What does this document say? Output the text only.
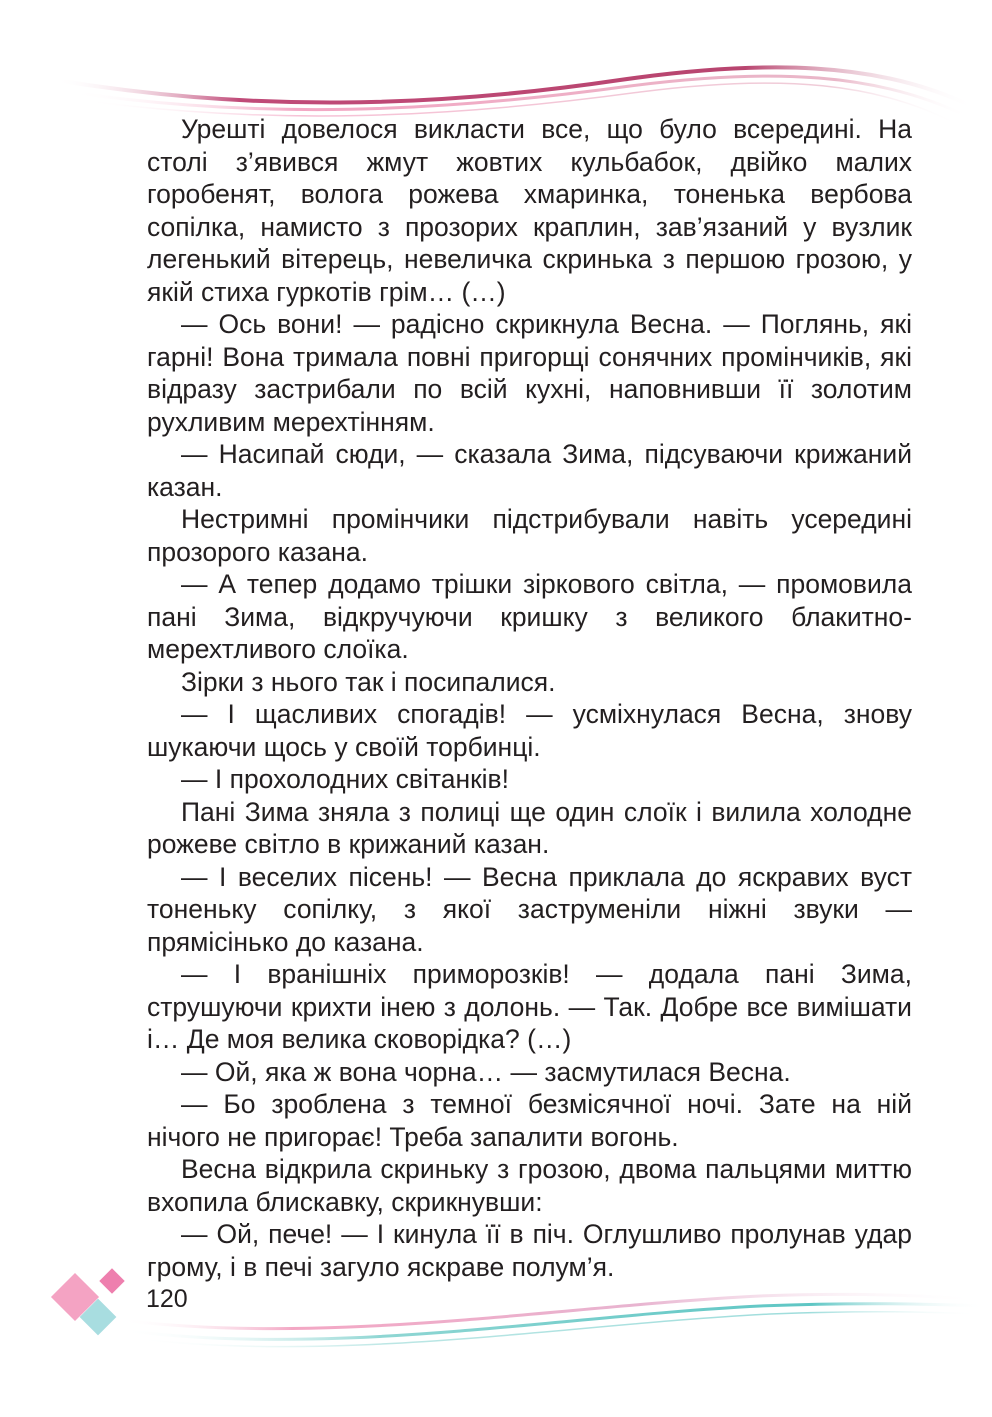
Урешті довелося викласти все, що було всередині. На столі з’явився жмут жовтих кульбабок, двійко малих горобенят, волога рожева хмаринка, тоненька вербова сопілка, намисто з прозорих краплин, зав’язаний у вузлик легенький вітерець, невеличка скринька з першою грозою, у якій стиха гуркотів грім… (…)

— Ось вони! — радісно скрикнула Весна. — Поглянь, які гарні! Вона тримала повні пригорщі сонячних промінчиків, які відразу застрибали по всій кухні, наповнивши її золотим рухливим мерехтінням.

— Насипай сюди, — сказала Зима, підсуваючи крижаний казан.

Нестримні промінчики підстрибували навіть усередині прозорого казана.

— А тепер додамо трішки зіркового світла, — промовила пані Зима, відкручуючи кришку з великого блакитно-мерехтливого слоїка.

Зірки з нього так і посипалися.

— І щасливих спогадів! — усміхнулася Весна, знову шукаючи щось у своїй торбинці.

— І прохолодних світанків!

Пані Зима зняла з полиці ще один слоїк і вилила холодне рожеве світло в крижаний казан.

— І веселих пісень! — Весна приклала до яскравих вуст тоненьку сопілку, з якої заструменіли ніжні звуки — прямісінько до казана.

— І вранішніх приморозків! — додала пані Зима, струшуючи крихти інею з долонь. — Так. Добре все вимішати і… Де моя велика сковорідка? (…)

— Ой, яка ж вона чорна… — засмутилася Весна.

— Бо зроблена з темної безмісячної ночі. Зате на ній нічого не пригорає! Треба запалити вогонь.

Весна відкрила скриньку з грозою, двома пальцями миттю вхопила блискавку, скрикнувши:

— Ой, пече! — І кинула її в піч. Оглушливо пролунав удар грому, і в печі загуло яскраве полум’я.

120
